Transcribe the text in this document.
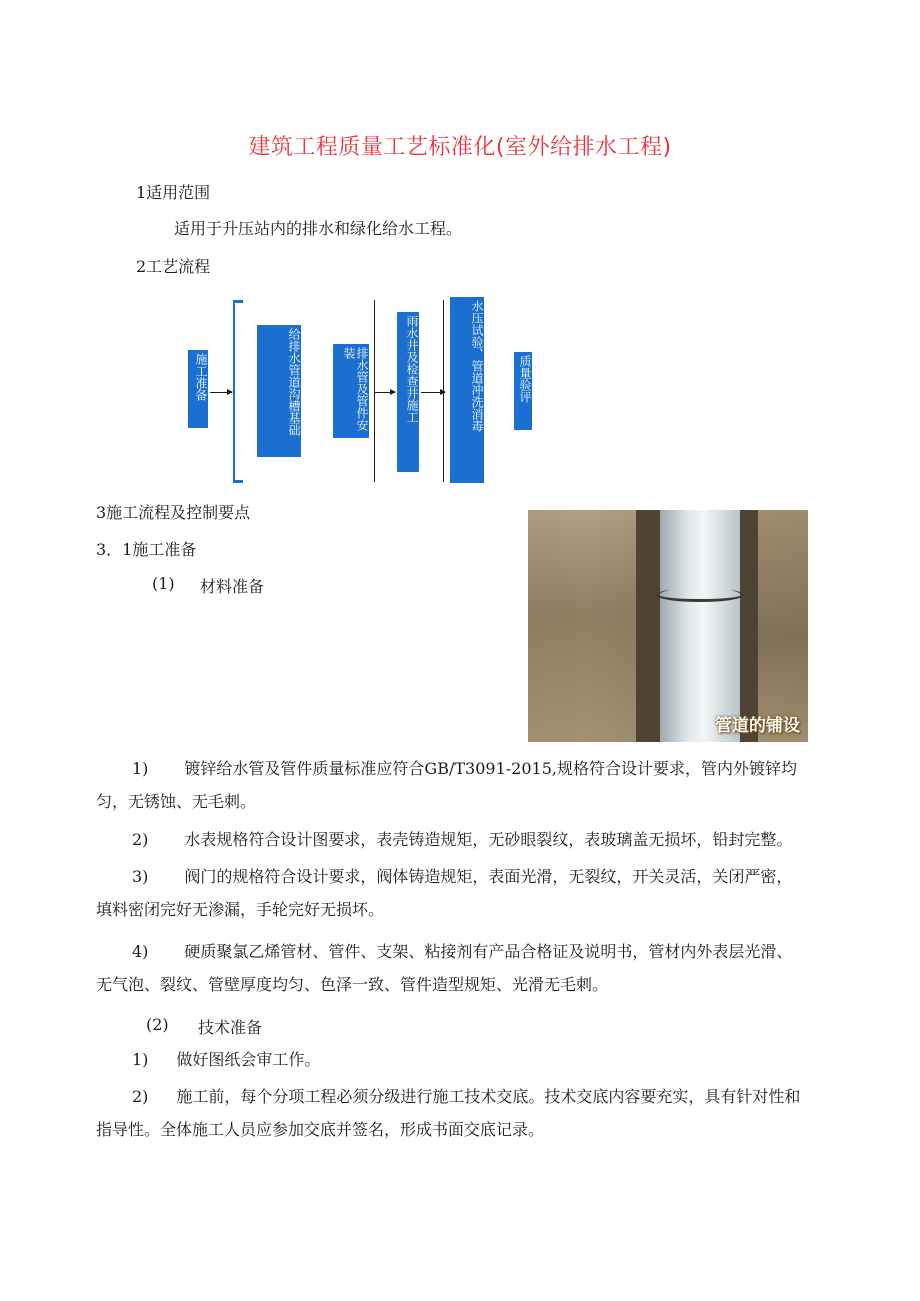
建筑工程质量工艺标准化(室外给排水工程)
1适用范围
适用于升压站内的排水和绿化给水工程。
2工艺流程
施工准备	给排水管道沟槽基础	排水管及管件安装	雨水井及检查井施工	水压试验、管道冲洗消毒	质量验评
3施工流程及控制要点
3．1施工准备
(1) 材料准备
管道的铺设
1) 镀锌给水管及管件质量标准应符合GB/T3091-2015,规格符合设计要求，管内外镀锌均匀，无锈蚀、无毛刺。
2) 水表规格符合设计图要求，表壳铸造规矩，无砂眼裂纹，表玻璃盖无损坏，铅封完整。
3) 阀门的规格符合设计要求，阀体铸造规矩，表面光滑，无裂纹，开关灵活，关闭严密，填料密闭完好无渗漏，手轮完好无损坏。
4) 硬质聚氯乙烯管材、管件、支架、粘接剂有产品合格证及说明书，管材内外表层光滑、无气泡、裂纹、管壁厚度均匀、色泽一致、管件造型规矩、光滑无毛刺。
(2) 技术准备
1) 做好图纸会审工作。
2) 施工前，每个分项工程必须分级进行施工技术交底。技术交底内容要充实，具有针对性和指导性。全体施工人员应参加交底并签名，形成书面交底记录。
